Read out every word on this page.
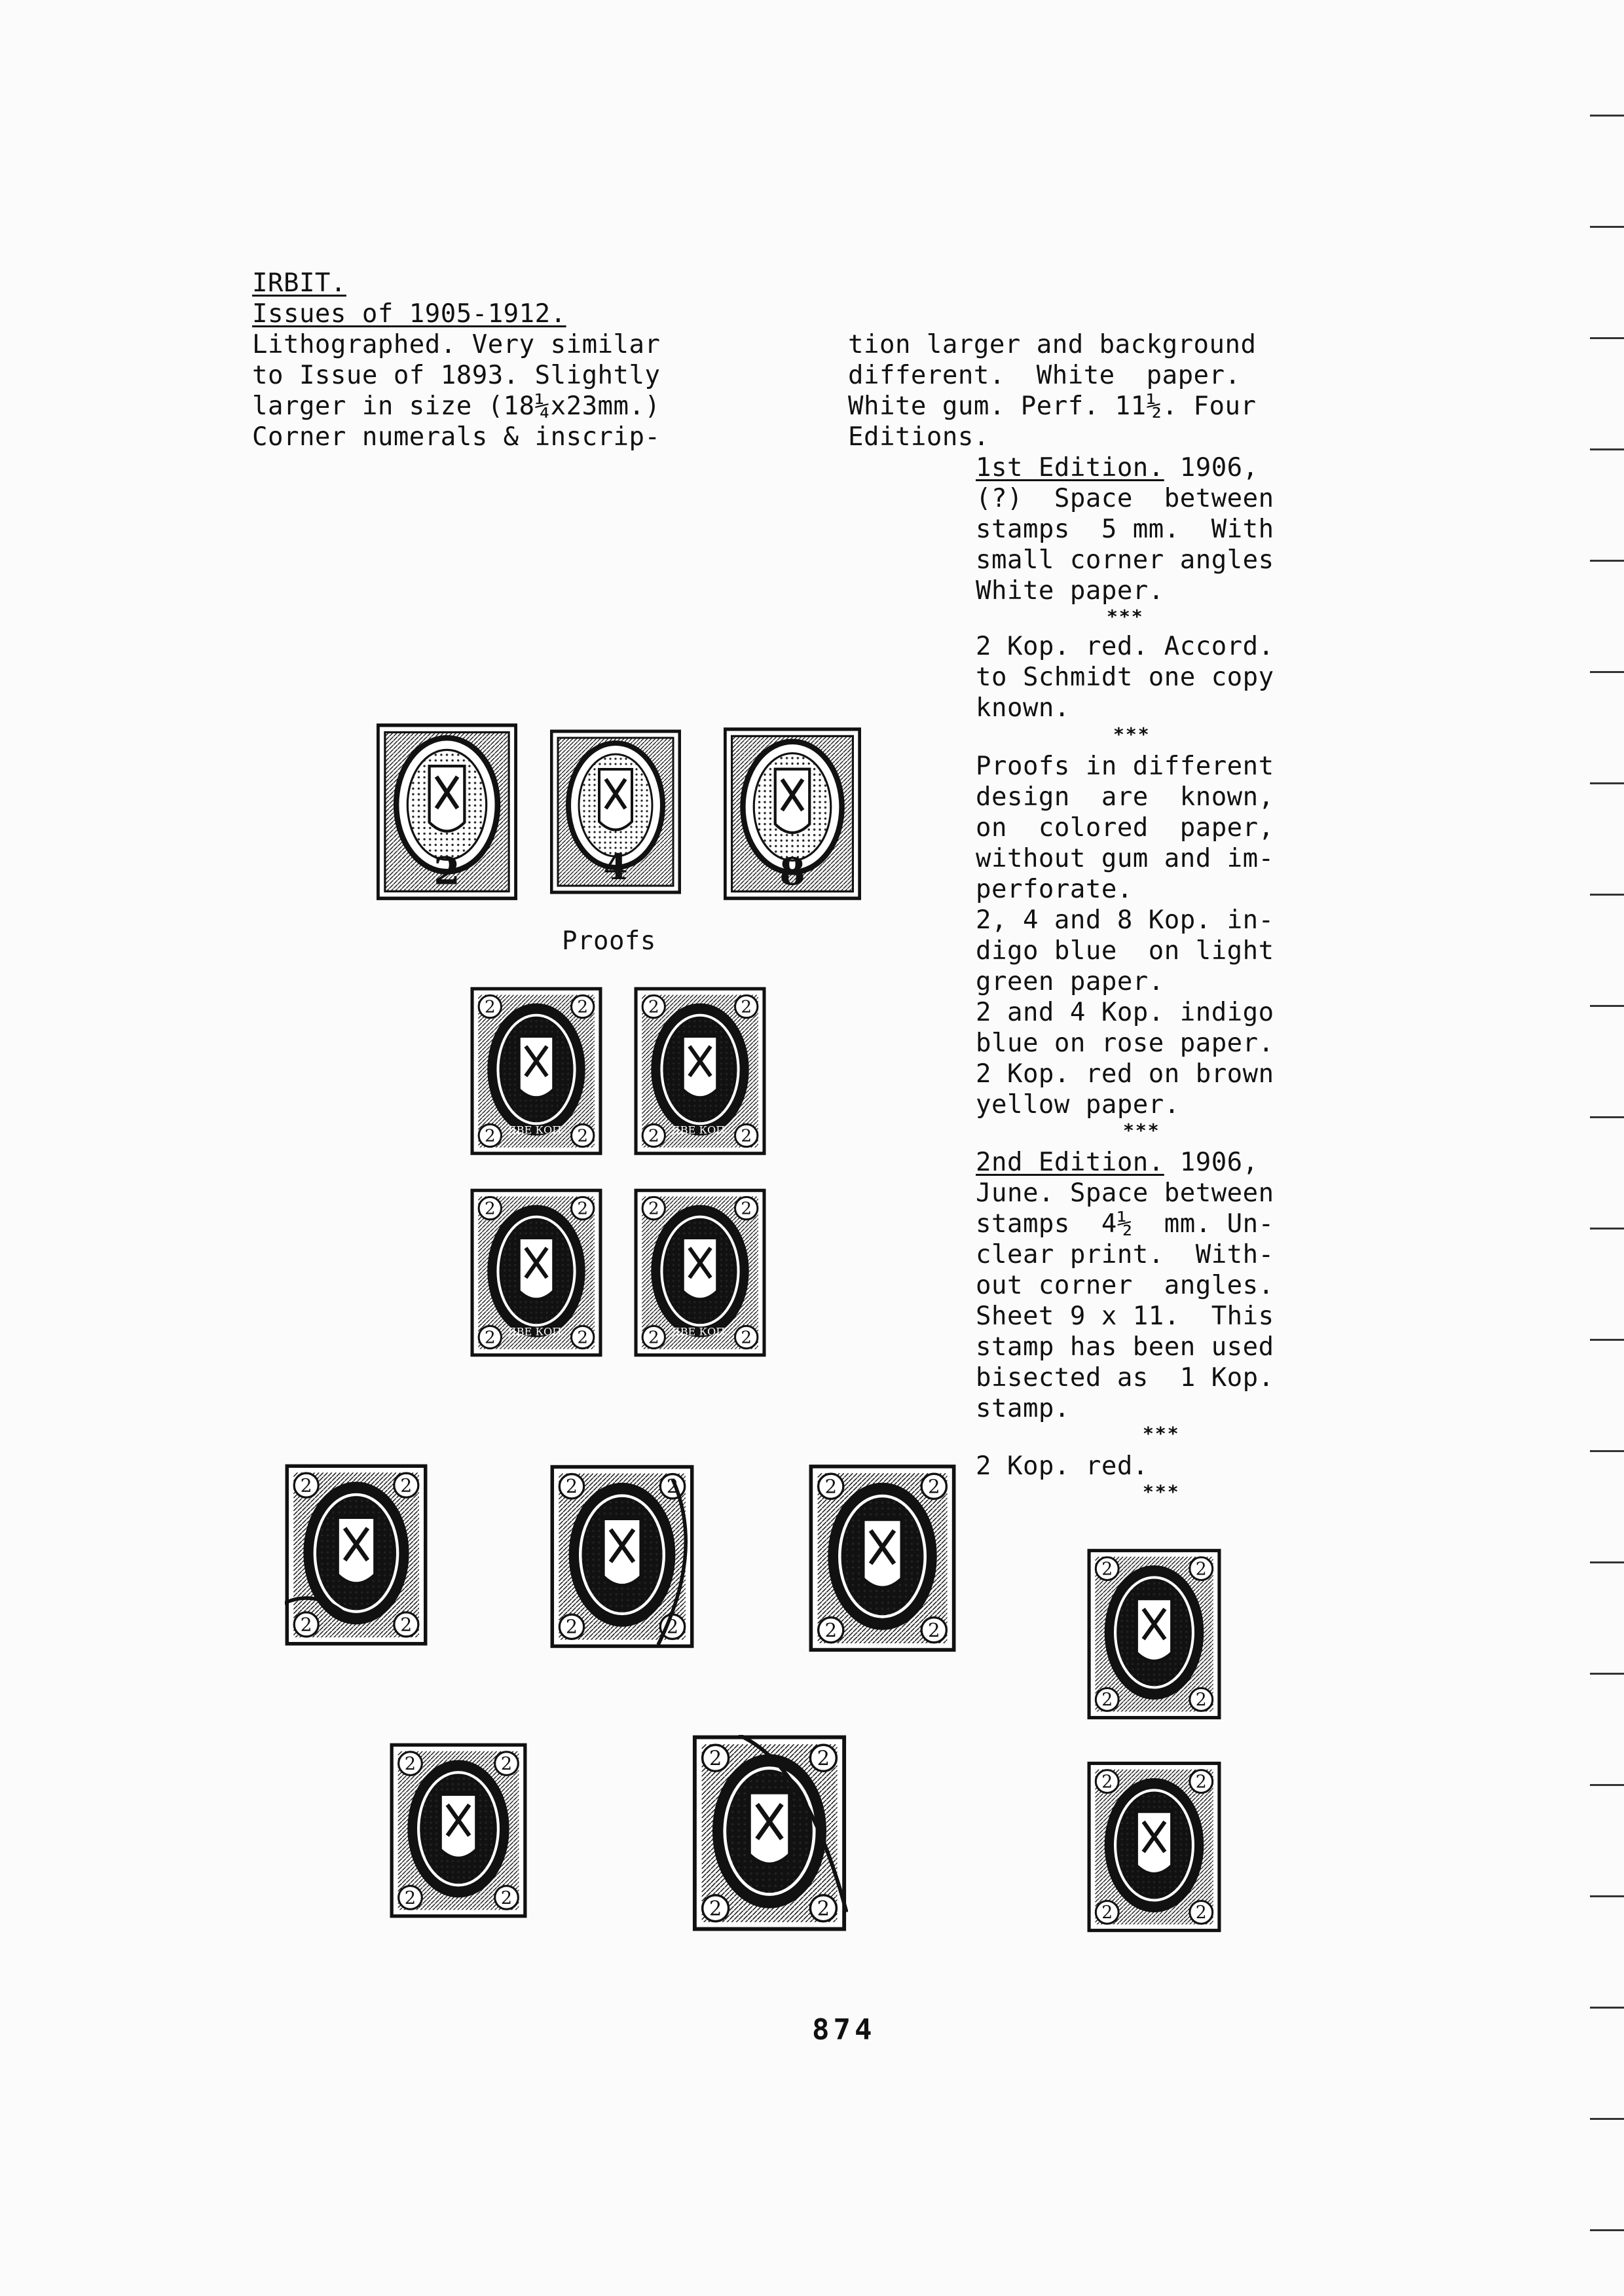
IRBIT.
Issues of 1905-1912.
Lithographed. Very similar
to Issue of 1893. Slightly
larger in size (18¼x23mm.)
Corner numerals & inscrip-
tion larger and background
different.  White  paper.
White gum. Perf. 11½. Four
Editions.
1st Edition. 1906,
(?)  Space  between
stamps  5 mm.  With
small corner angles
White paper.
***
2 Kop. red. Accord.
to Schmidt one copy
known.
***
Proofs in different
design  are  known,
on  colored  paper,
without gum and im-
perforate.
2, 4 and 8 Kop. in-
digo blue  on light
green paper.
2 and 4 Kop. indigo
blue on rose paper.
2 Kop. red on brown
yellow paper.
***
2nd Edition. 1906,
June. Space between
stamps  4½  mm. Un-
clear print.  With-
out corner  angles.
Sheet 9 x 11.  This
stamp has been used
bisected as  1 Kop.
stamp.
***
2 Kop. red.
***
Proofs
2	4	8
2	2
2	2
ДВЕ КОП.
2	2
2	2
ДВЕ КОП.
2	2
2	2
ДВЕ КОП.
2	2
2	2
ДВЕ КОП.
2	2
2	2
2	2
2	2
2	2
2	2
2	2
2	2
2	2
2	2
2	2
2	2
2	2
2	2
874
